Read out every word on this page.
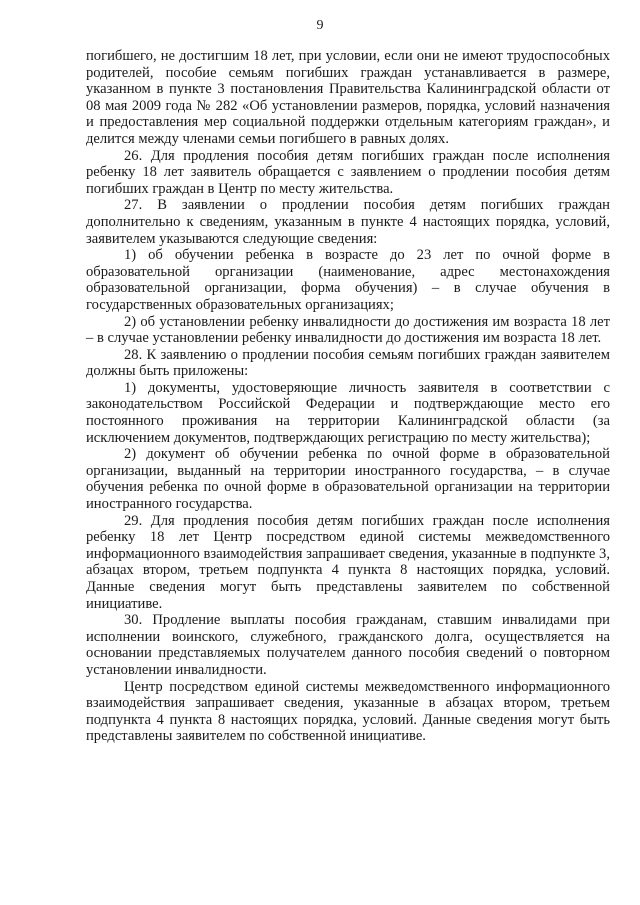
9

погибшего, не достигшим 18 лет, при условии, если они не имеют трудоспособных родителей, пособие семьям погибших граждан устанавливается в размере, указанном в пункте 3 постановления Правительства Калининградской области от 08 мая 2009 года № 282 «Об установлении размеров, порядка, условий назначения и предоставления мер социальной поддержки отдельным категориям граждан», и делится между членами семьи погибшего в равных долях.

26. Для продления пособия детям погибших граждан после исполнения ребенку 18 лет заявитель обращается с заявлением о продлении пособия детям погибших граждан в Центр по месту жительства.

27. В заявлении о продлении пособия детям погибших граждан дополнительно к сведениям, указанным в пункте 4 настоящих порядка, условий, заявителем указываются следующие сведения:

1) об обучении ребенка в возрасте до 23 лет по очной форме в образовательной организации (наименование, адрес местонахождения образовательной организации, форма обучения) – в случае обучения в государственных образовательных организациях;

2) об установлении ребенку инвалидности до достижения им возраста 18 лет – в случае установлении ребенку инвалидности до достижения им возраста 18 лет.

28. К заявлению о продлении пособия семьям погибших граждан заявителем должны быть приложены:

1) документы, удостоверяющие личность заявителя в соответствии с законодательством Российской Федерации и подтверждающие место его постоянного проживания на территории Калининградской области (за исключением документов, подтверждающих регистрацию по месту жительства);

2) документ об обучении ребенка по очной форме в образовательной организации, выданный на территории иностранного государства, – в случае обучения ребенка по очной форме в образовательной организации на территории иностранного государства.

29. Для продления пособия детям погибших граждан после исполнения ребенку 18 лет Центр посредством единой системы межведомственного информационного взаимодействия запрашивает сведения, указанные в подпункте 3, абзацах втором, третьем подпункта 4 пункта 8 настоящих порядка, условий. Данные сведения могут быть представлены заявителем по собственной инициативе.

30. Продление выплаты пособия гражданам, ставшим инвалидами при исполнении воинского, служебного, гражданского долга, осуществляется на основании представляемых получателем данного пособия сведений о повторном установлении инвалидности.

Центр посредством единой системы межведомственного информационного взаимодействия запрашивает сведения, указанные в абзацах втором, третьем подпункта 4 пункта 8 настоящих порядка, условий. Данные сведения могут быть представлены заявителем по собственной инициативе.
